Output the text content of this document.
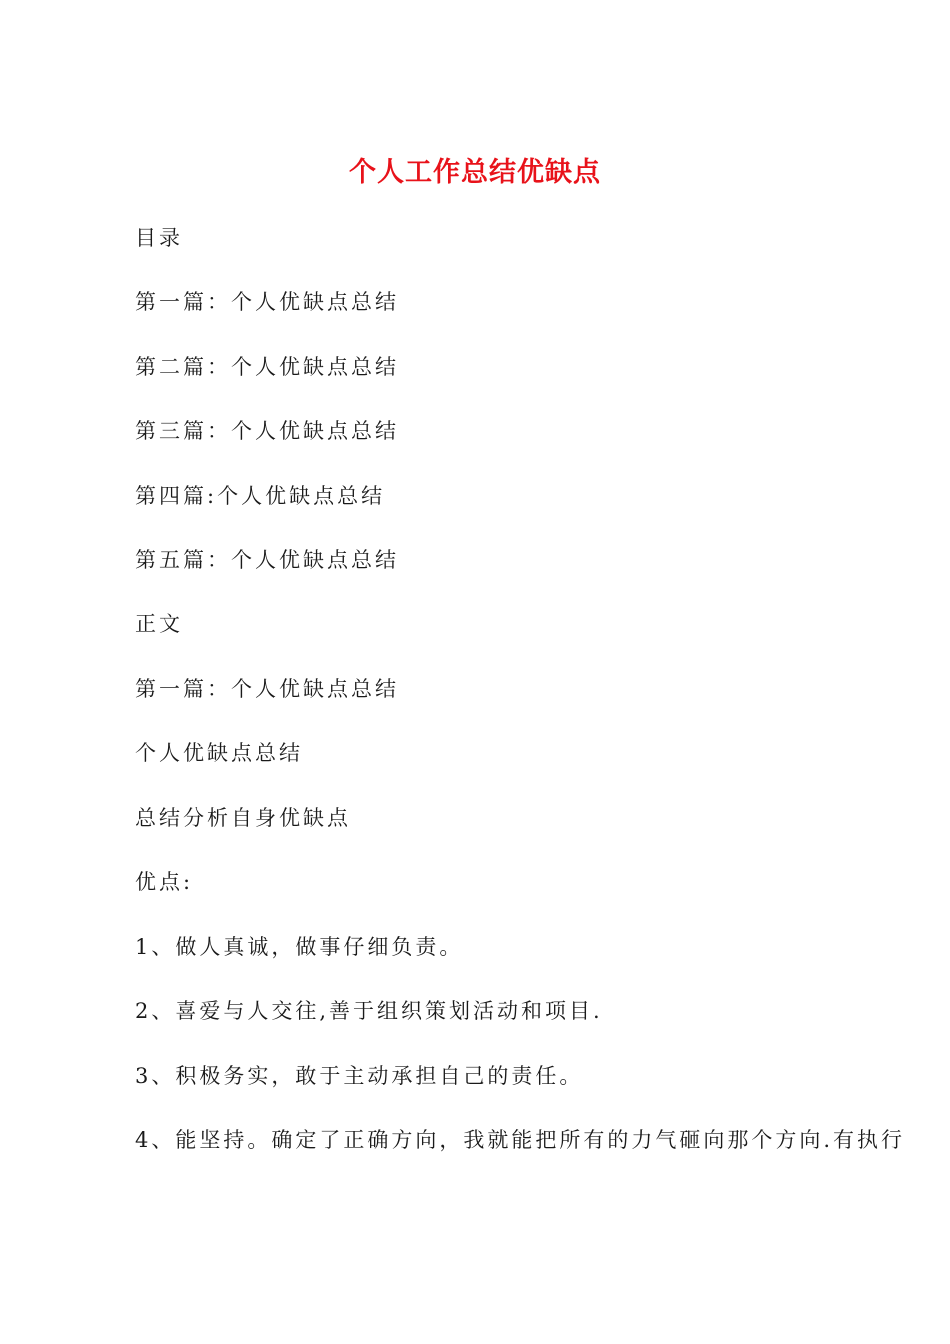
个人工作总结优缺点
目录
第一篇：个人优缺点总结
第二篇：个人优缺点总结
第三篇：个人优缺点总结
第四篇:个人优缺点总结
第五篇：个人优缺点总结
正文
第一篇：个人优缺点总结
个人优缺点总结
总结分析自身优缺点
优点:
1、做人真诚，做事仔细负责。
2、喜爱与人交往,善于组织策划活动和项目.
3、积极务实，敢于主动承担自己的责任。
4、能坚持。确定了正确方向，我就能把所有的力气砸向那个方向.有执行
